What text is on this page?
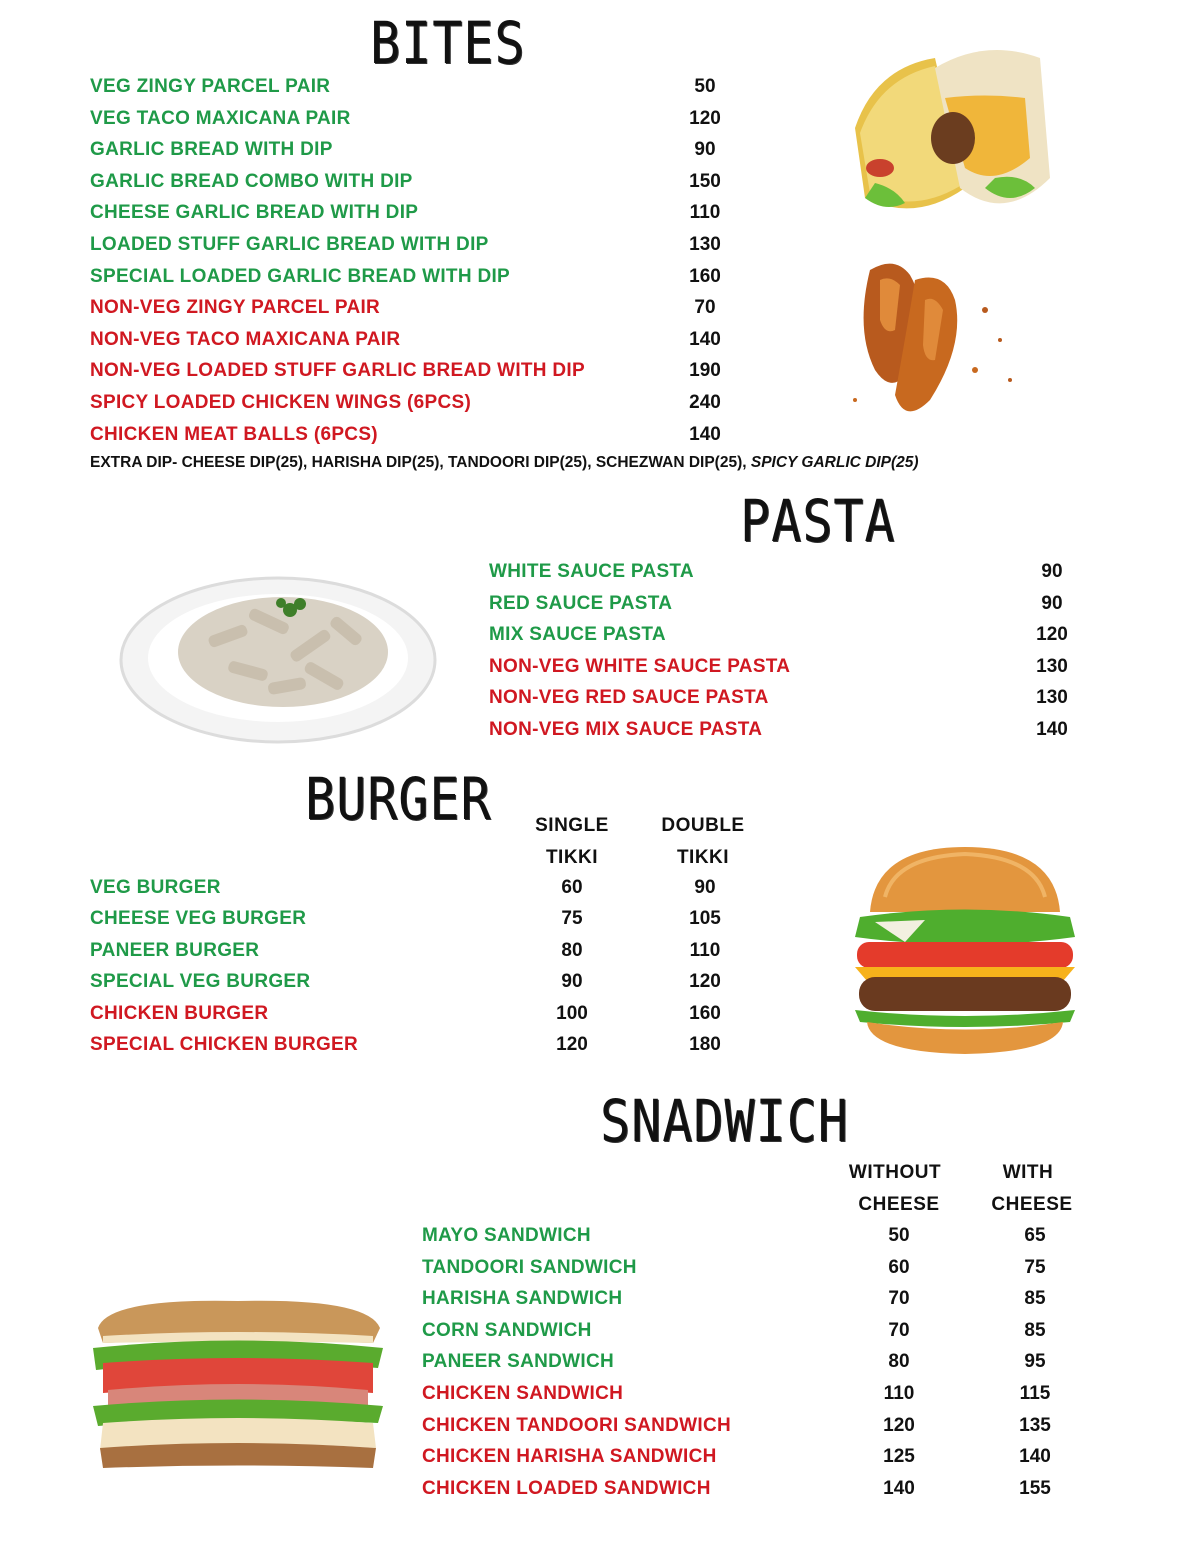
BITES
PASTA
BURGER
SNADWICH
VEG ZINGY PARCEL PAIR	50
VEG TACO MAXICANA PAIR	120
GARLIC BREAD WITH DIP	90
GARLIC BREAD COMBO WITH DIP	150
CHEESE GARLIC BREAD WITH DIP	110
LOADED STUFF GARLIC BREAD WITH DIP	130
SPECIAL LOADED GARLIC BREAD WITH DIP	160
NON-VEG ZINGY PARCEL PAIR	70
NON-VEG TACO MAXICANA PAIR	140
NON-VEG LOADED STUFF GARLIC BREAD WITH DIP	190
SPICY LOADED CHICKEN WINGS (6PCS)	240
CHICKEN MEAT BALLS (6PCS)	140
EXTRA DIP- CHEESE DIP(25), HARISHA DIP(25), TANDOORI DIP(25), SCHEZWAN DIP(25), SPICY GARLIC DIP(25)
WHITE SAUCE PASTA	90
RED SAUCE PASTA	90
MIX SAUCE PASTA	120
NON-VEG WHITE SAUCE PASTA	130
NON-VEG RED SAUCE PASTA	130
NON-VEG MIX SAUCE PASTA	140
SINGLE
TIKKI
DOUBLE
TIKKI
VEG BURGER	60	90
CHEESE VEG BURGER	75	105
PANEER BURGER	80	110
SPECIAL VEG BURGER	90	120
CHICKEN BURGER	100	160
SPECIAL CHICKEN BURGER	120	180
WITHOUT
CHEESE
WITH
CHEESE
MAYO SANDWICH	50	65
TANDOORI SANDWICH	60	75
HARISHA SANDWICH	70	85
CORN SANDWICH	70	85
PANEER SANDWICH	80	95
CHICKEN SANDWICH	110	115
CHICKEN TANDOORI SANDWICH	120	135
CHICKEN HARISHA SANDWICH	125	140
CHICKEN LOADED SANDWICH	140	155
